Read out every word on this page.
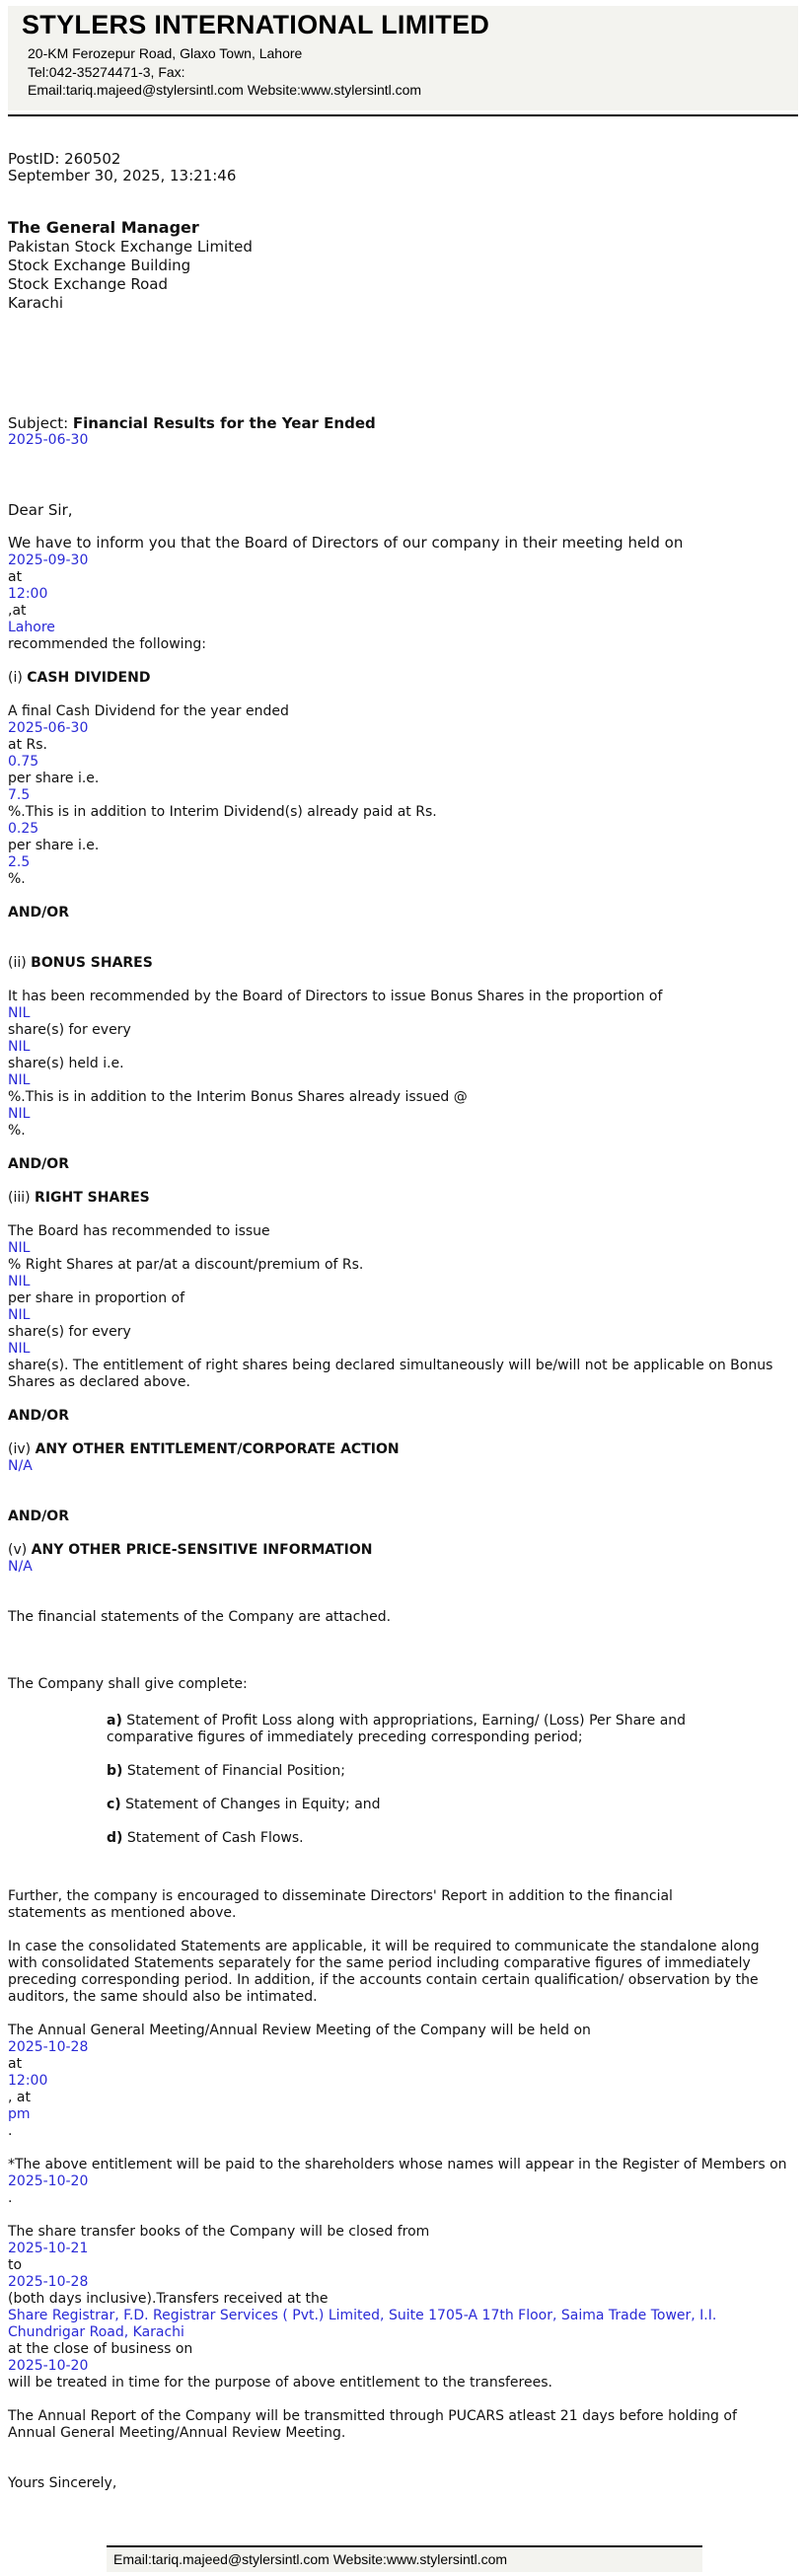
STYLERS INTERNATIONAL LIMITED
20-KM Ferozepur Road, Glaxo Town, Lahore
Tel:042-35274471-3, Fax:
Email:tariq.majeed@stylersintl.com Website:www.stylersintl.com
PostID: 260502
September 30, 2025, 13:21:46
The General Manager
Pakistan Stock Exchange Limited
Stock Exchange Building
Stock Exchange Road
Karachi
Subject: Financial Results for the Year Ended
2025-06-30
Dear Sir,
We have to inform you that the Board of Directors of our company in their meeting held on
2025-09-30
at
12:00
,at
Lahore
recommended the following:
(i) CASH DIVIDEND
A final Cash Dividend for the year ended
2025-06-30
at Rs.
0.75
per share i.e.
7.5
%.This is in addition to Interim Dividend(s) already paid at Rs.
0.25
per share i.e.
2.5
%.
AND/OR
(ii) BONUS SHARES
It has been recommended by the Board of Directors to issue Bonus Shares in the proportion of
NIL
share(s) for every
NIL
share(s) held i.e.
NIL
%.This is in addition to the Interim Bonus Shares already issued @
NIL
%.
AND/OR
(iii) RIGHT SHARES
The Board has recommended to issue
NIL
% Right Shares at par/at a discount/premium of Rs.
NIL
per share in proportion of
NIL
share(s) for every
NIL
share(s). The entitlement of right shares being declared simultaneously will be/will not be applicable on Bonus
Shares as declared above.
AND/OR
(iv) ANY OTHER ENTITLEMENT/CORPORATE ACTION
N/A
AND/OR
(v) ANY OTHER PRICE-SENSITIVE INFORMATION
N/A
The financial statements of the Company are attached.
The Company shall give complete:
a) Statement of Profit Loss along with appropriations, Earning/ (Loss) Per Share and comparative figures of immediately preceding corresponding period;
b) Statement of Financial Position;
c) Statement of Changes in Equity; and
d) Statement of Cash Flows.
Further, the company is encouraged to disseminate Directors' Report in addition to the financial statements as mentioned above.
In case the consolidated Statements are applicable, it will be required to communicate the standalone along with consolidated Statements separately for the same period including comparative figures of immediately preceding corresponding period. In addition, if the accounts contain certain qualification/ observation by the auditors, the same should also be intimated.
The Annual General Meeting/Annual Review Meeting of the Company will be held on
2025-10-28
at
12:00
, at
pm
.
*The above entitlement will be paid to the shareholders whose names will appear in the Register of Members on
2025-10-20
.
The share transfer books of the Company will be closed from
2025-10-21
to
2025-10-28
(both days inclusive).Transfers received at the
Share Registrar, F.D. Registrar Services ( Pvt.) Limited, Suite 1705-A 17th Floor, Saima Trade Tower, I.I.
Chundrigar Road, Karachi
at the close of business on
2025-10-20
will be treated in time for the purpose of above entitlement to the transferees.
The Annual Report of the Company will be transmitted through PUCARS atleast 21 days before holding of Annual General Meeting/Annual Review Meeting.
Yours Sincerely,
Email:tariq.majeed@stylersintl.com Website:www.stylersintl.com
